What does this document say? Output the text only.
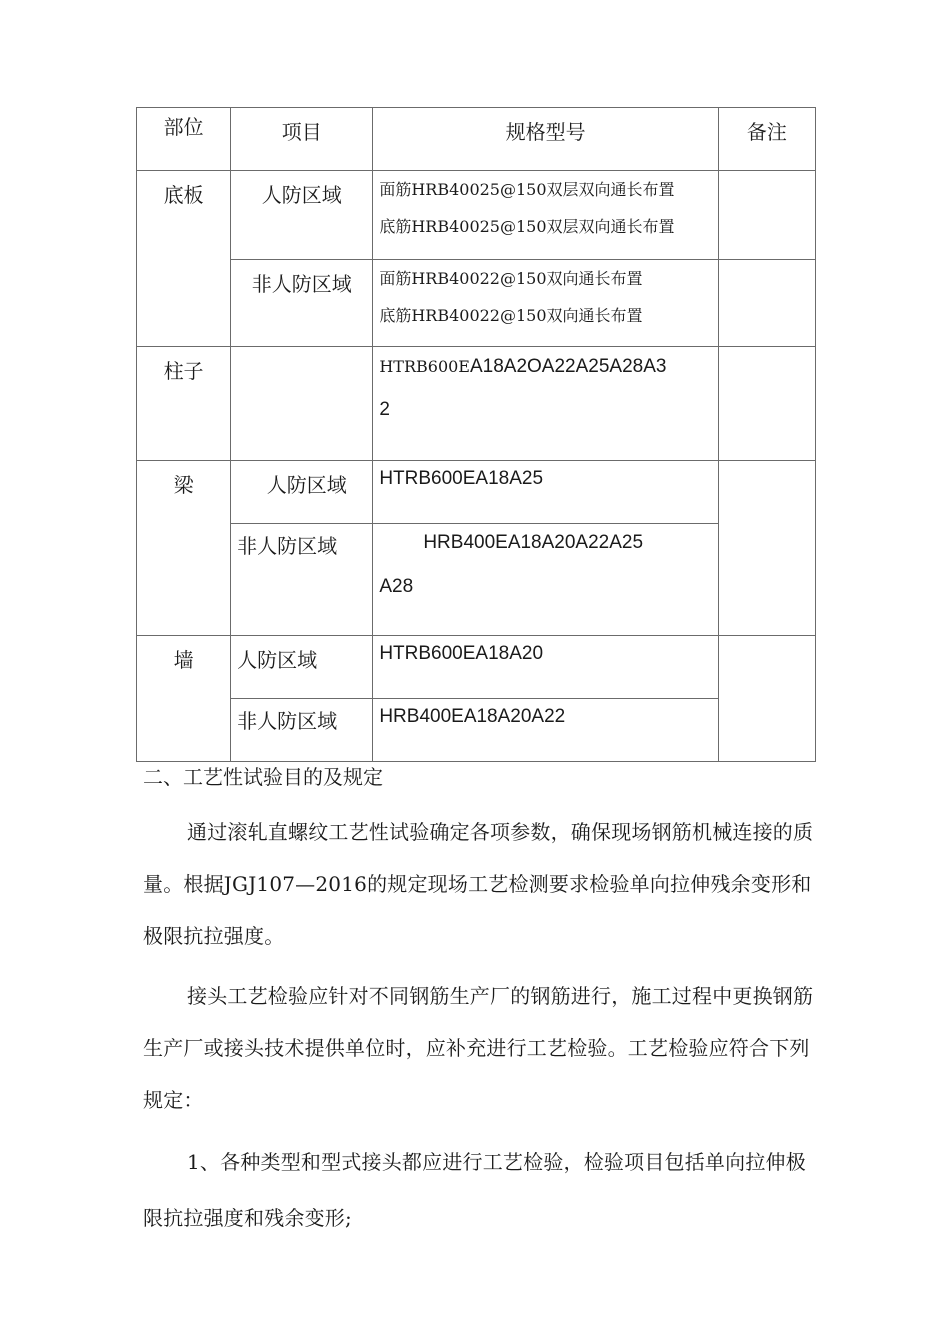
部位	项目	规格型号	备注

底板	人防区域	面筋HRB40025@150双层双向通长布置
底筋HRB40025@150双层双向通长布置	

	非人防区域	面筋HRB40022@150双向通长布置
底筋HRB40022@150双向通长布置	

柱子		HTRB600EA18A2OA22A25A28A3
2	

梁	人防区域	HTRB600EA18A25	

	非人防区域	HRB400EA18A20A22A25
A28	

墙	人防区域	HTRB600EA18A20	

	非人防区域	HRB400EA18A20A22	
二、工艺性试验目的及规定
通过滚轧直螺纹工艺性试验确定各项参数，确保现场钢筋机械连接的质量。根据JGJ107—2016的规定现场工艺检测要求检验单向拉伸残余变形和极限抗拉强度。
接头工艺检验应针对不同钢筋生产厂的钢筋进行，施工过程中更换钢筋生产厂或接头技术提供单位时，应补充进行工艺检验。工艺检验应符合下列规定：
1、各种类型和型式接头都应进行工艺检验，检验项目包括单向拉伸极限抗拉强度和残余变形;
